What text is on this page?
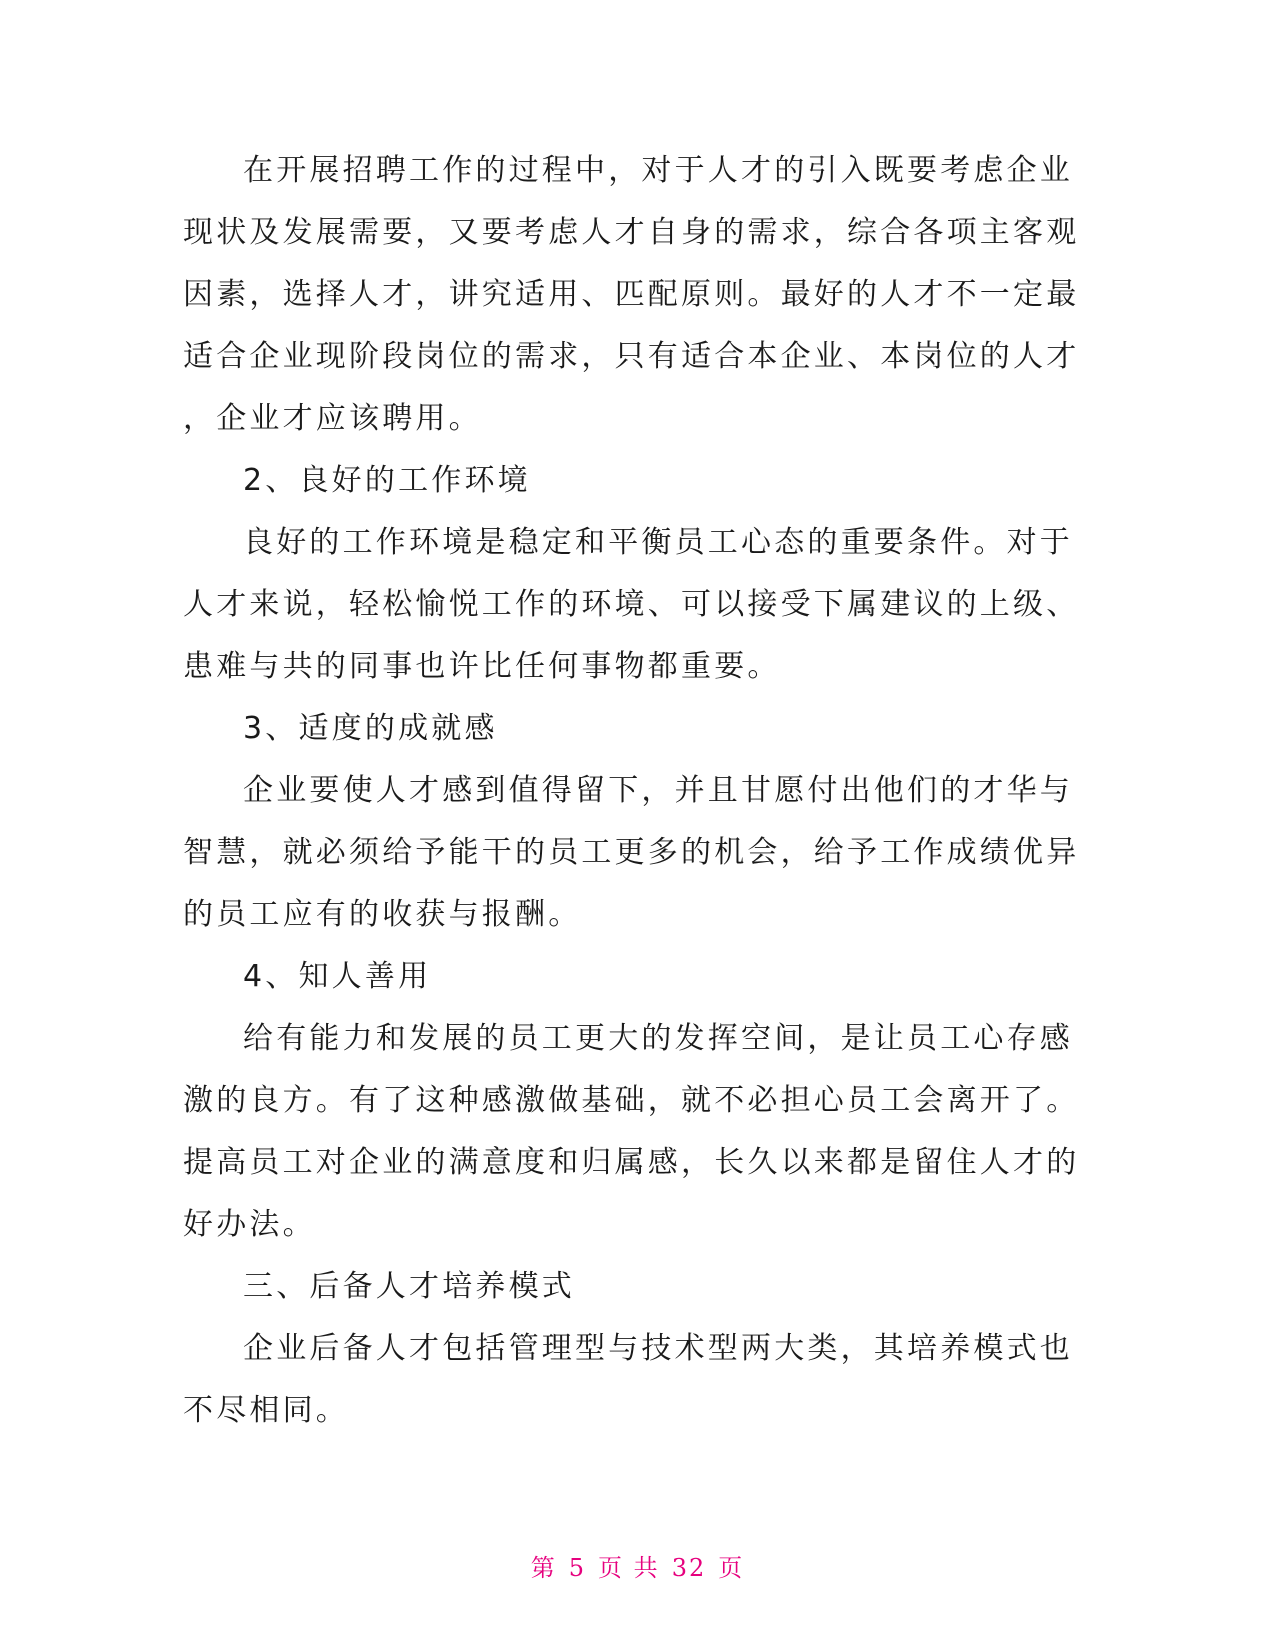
在开展招聘工作的过程中，对于人才的引入既要考虑企业
现状及发展需要，又要考虑人才自身的需求，综合各项主客观
因素，选择人才，讲究适用、匹配原则。最好的人才不一定最
适合企业现阶段岗位的需求，只有适合本企业、本岗位的人才
，企业才应该聘用。
2、良好的工作环境
良好的工作环境是稳定和平衡员工心态的重要条件。对于
人才来说，轻松愉悦工作的环境、可以接受下属建议的上级、
患难与共的同事也许比任何事物都重要。
3、适度的成就感
企业要使人才感到值得留下，并且甘愿付出他们的才华与
智慧，就必须给予能干的员工更多的机会，给予工作成绩优异
的员工应有的收获与报酬。
4、知人善用
给有能力和发展的员工更大的发挥空间，是让员工心存感
激的良方。有了这种感激做基础，就不必担心员工会离开了。
提高员工对企业的满意度和归属感，长久以来都是留住人才的
好办法。
三、后备人才培养模式
企业后备人才包括管理型与技术型两大类，其培养模式也
不尽相同。
第 5 页 共 32 页
